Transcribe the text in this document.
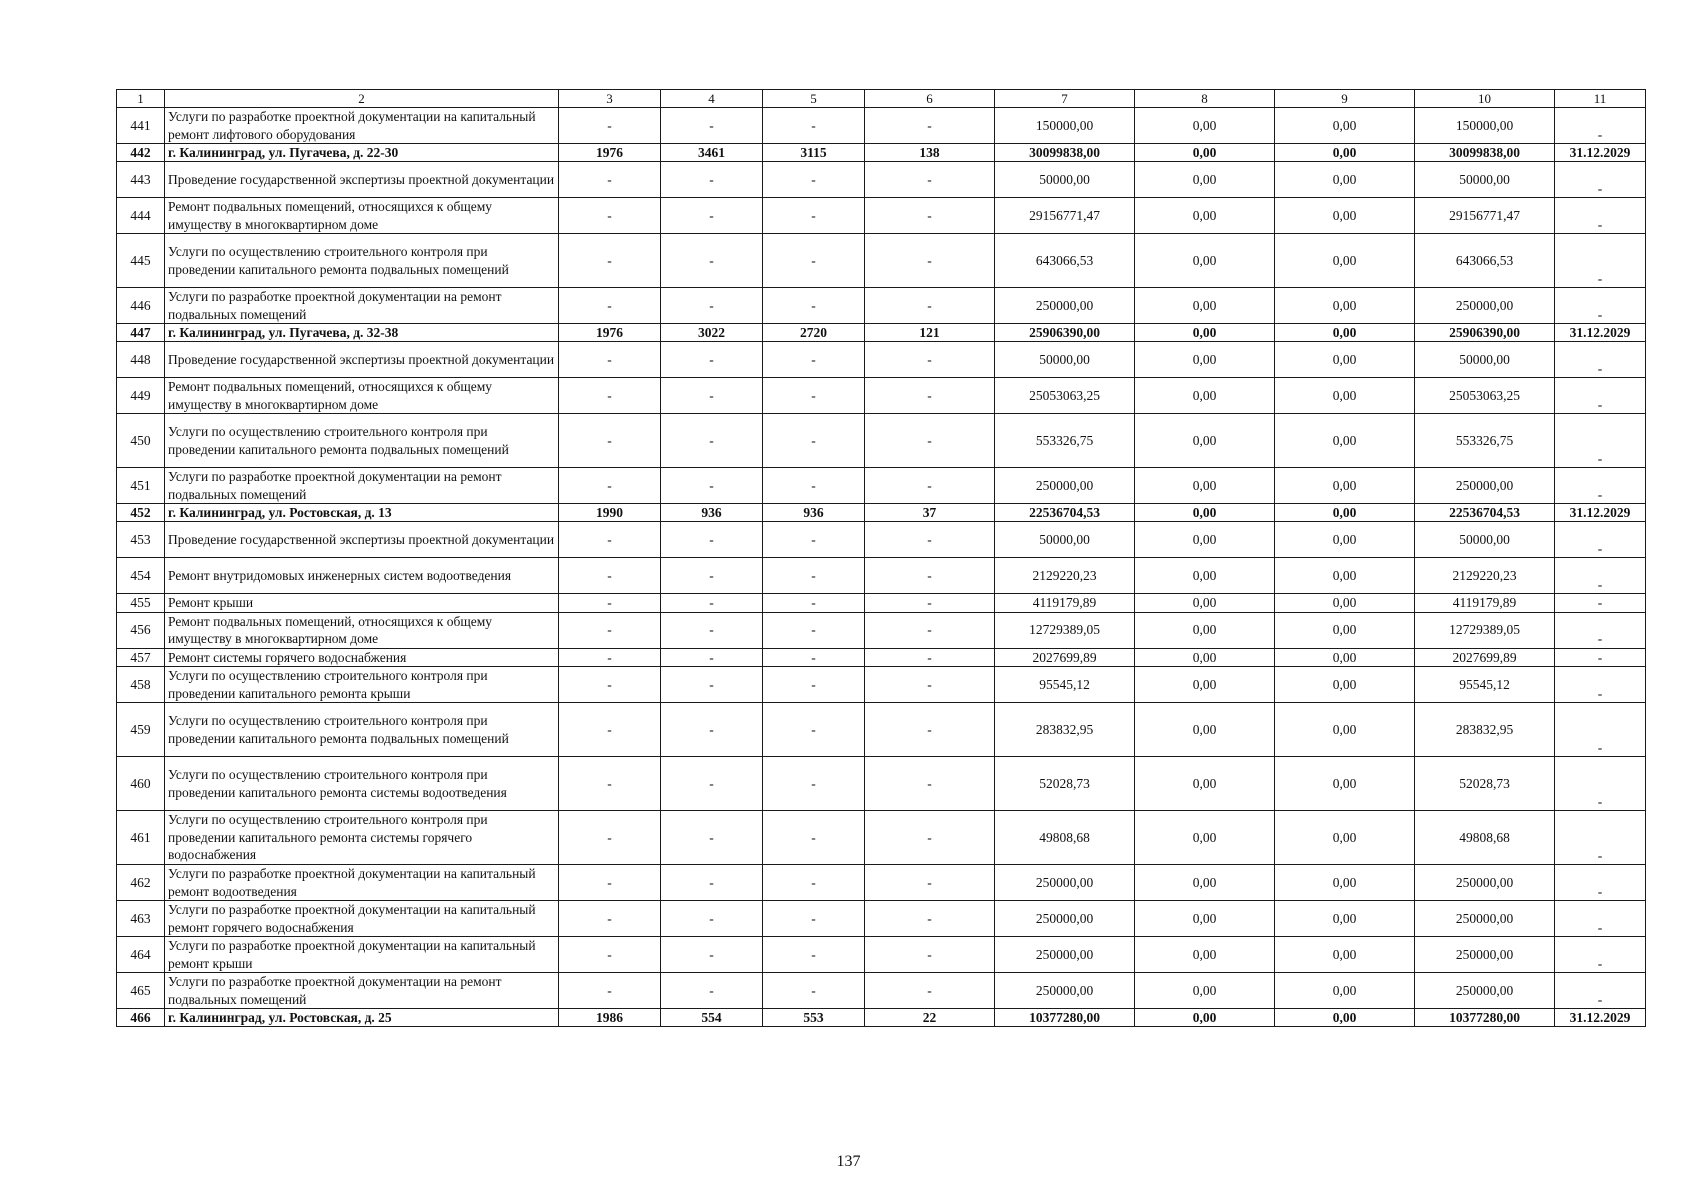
1	2	3	4	5	6	7	8	9	10	11
441	Услуги по разработке проектной документации на капитальный ремонт лифтового оборудования	-	-	-	-	150000,00	0,00	0,00	150000,00	-
442	г. Калининград, ул. Пугачева, д. 22-30	1976	3461	3115	138	30099838,00	0,00	0,00	30099838,00	31.12.2029
443	Проведение государственной экспертизы проектной документации	-	-	-	-	50000,00	0,00	0,00	50000,00	-
444	Ремонт подвальных помещений, относящихся к общему имуществу в многоквартирном доме	-	-	-	-	29156771,47	0,00	0,00	29156771,47	-
445	Услуги по осуществлению строительного контроля при проведении капитального ремонта подвальных помещений	-	-	-	-	643066,53	0,00	0,00	643066,53	-
446	Услуги по разработке проектной документации на ремонт подвальных помещений	-	-	-	-	250000,00	0,00	0,00	250000,00	-
447	г. Калининград, ул. Пугачева, д. 32-38	1976	3022	2720	121	25906390,00	0,00	0,00	25906390,00	31.12.2029
448	Проведение государственной экспертизы проектной документации	-	-	-	-	50000,00	0,00	0,00	50000,00	-
449	Ремонт подвальных помещений, относящихся к общему имуществу в многоквартирном доме	-	-	-	-	25053063,25	0,00	0,00	25053063,25	-
450	Услуги по осуществлению строительного контроля при проведении капитального ремонта подвальных помещений	-	-	-	-	553326,75	0,00	0,00	553326,75	-
451	Услуги по разработке проектной документации на ремонт подвальных помещений	-	-	-	-	250000,00	0,00	0,00	250000,00	-
452	г. Калининград, ул. Ростовская, д. 13	1990	936	936	37	22536704,53	0,00	0,00	22536704,53	31.12.2029
453	Проведение государственной экспертизы проектной документации	-	-	-	-	50000,00	0,00	0,00	50000,00	-
454	Ремонт внутридомовых инженерных систем водоотведения	-	-	-	-	2129220,23	0,00	0,00	2129220,23	-
455	Ремонт крыши	-	-	-	-	4119179,89	0,00	0,00	4119179,89	-
456	Ремонт подвальных помещений, относящихся к общему имуществу в многоквартирном доме	-	-	-	-	12729389,05	0,00	0,00	12729389,05	-
457	Ремонт системы горячего водоснабжения	-	-	-	-	2027699,89	0,00	0,00	2027699,89	-
458	Услуги по осуществлению строительного контроля при проведении капитального ремонта крыши	-	-	-	-	95545,12	0,00	0,00	95545,12	-
459	Услуги по осуществлению строительного контроля при проведении капитального ремонта подвальных помещений	-	-	-	-	283832,95	0,00	0,00	283832,95	-
460	Услуги по осуществлению строительного контроля при проведении капитального ремонта системы водоотведения	-	-	-	-	52028,73	0,00	0,00	52028,73	-
461	Услуги по осуществлению строительного контроля при проведении капитального ремонта системы горячего водоснабжения	-	-	-	-	49808,68	0,00	0,00	49808,68	-
462	Услуги по разработке проектной документации на капитальный ремонт водоотведения	-	-	-	-	250000,00	0,00	0,00	250000,00	-
463	Услуги по разработке проектной документации на капитальный ремонт горячего водоснабжения	-	-	-	-	250000,00	0,00	0,00	250000,00	-
464	Услуги по разработке проектной документации на капитальный ремонт крыши	-	-	-	-	250000,00	0,00	0,00	250000,00	-
465	Услуги по разработке проектной документации на ремонт подвальных помещений	-	-	-	-	250000,00	0,00	0,00	250000,00	-
466	г. Калининград, ул. Ростовская, д. 25	1986	554	553	22	10377280,00	0,00	0,00	10377280,00	31.12.2029
137
